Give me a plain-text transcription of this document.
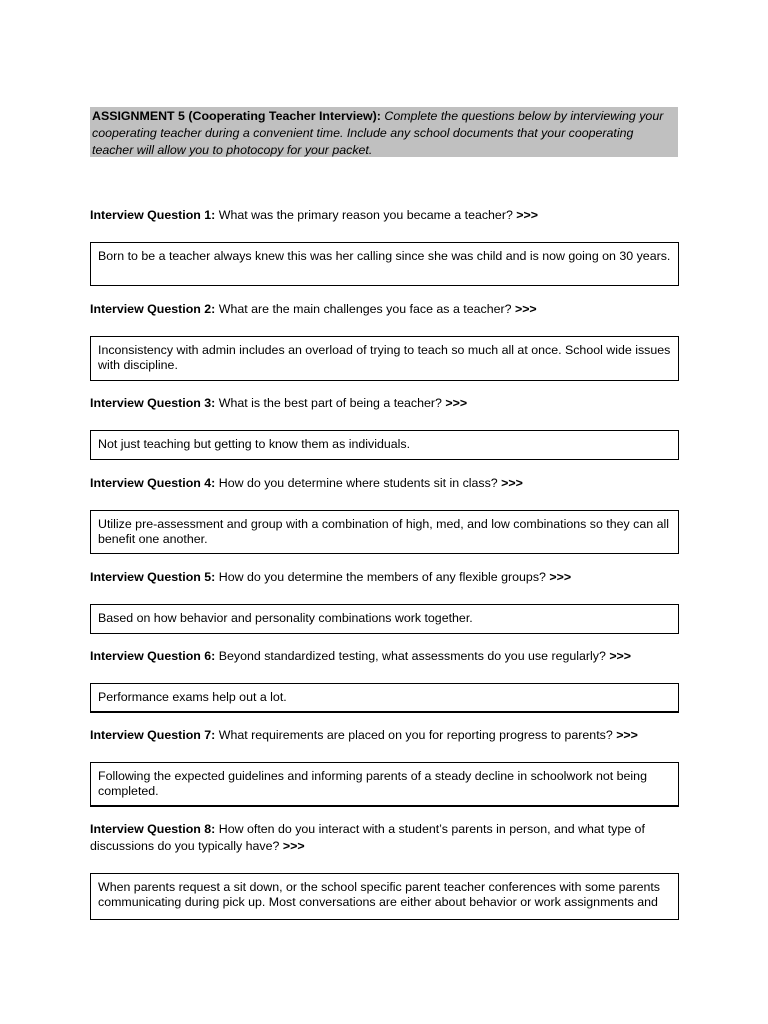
ASSIGNMENT 5 (Cooperating Teacher Interview): Complete the questions below by interviewing your cooperating teacher during a convenient time. Include any school documents that your cooperating teacher will allow you to photocopy for your packet.
Interview Question 1: What was the primary reason you became a teacher? >>>
Born to be a teacher always knew this was her calling since she was child and is now going on 30 years.
Interview Question 2: What are the main challenges you face as a teacher? >>>
Inconsistency with admin includes an overload of trying to teach so much all at once. School wide issues with discipline.
Interview Question 3: What is the best part of being a teacher? >>>
Not just teaching but getting to know them as individuals.
Interview Question 4: How do you determine where students sit in class? >>>
Utilize pre-assessment and group with a combination of high, med, and low combinations so they can all benefit one another.
Interview Question 5: How do you determine the members of any flexible groups? >>>
Based on how behavior and personality combinations work together.
Interview Question 6: Beyond standardized testing, what assessments do you use regularly? >>>
Performance exams help out a lot.
Interview Question 7: What requirements are placed on you for reporting progress to parents? >>>
Following the expected guidelines and informing parents of a steady decline in schoolwork not being completed.
Interview Question 8: How often do you interact with a student’s parents in person, and what type of discussions do you typically have? >>>
When parents request a sit down, or the school specific parent teacher conferences with some parents communicating during pick up. Most conversations are either about behavior or work assignments and
